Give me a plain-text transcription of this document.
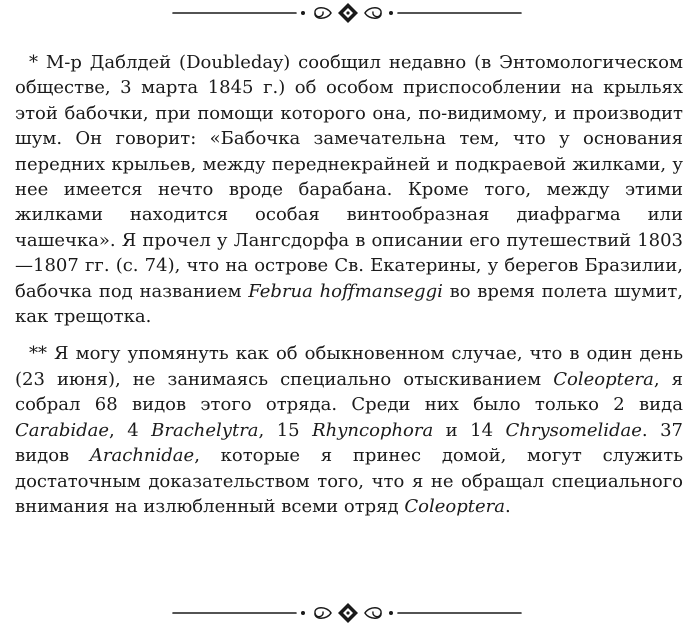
* М-р Даблдей (Doubleday) сообщил недавно (в Энтомологическом обществе, 3 марта 1845 г.) об особом приспособлении на крыльях этой бабочки, при помощи которого она, по-видимому, и производит шум. Он говорит: «Бабочка замечательна тем, что у основания передних крыльев, между переднекрайней и подкраевой жилками, у нее имеется нечто вроде барабана. Кроме того, между этими жилками находится особая винтообразная диафрагма или чашечка». Я прочел у Лангсдорфа в описании его путешествий 1803—1807 гг. (с. 74), что на острове Св. Екатерины, у берегов Бразилии, бабочка под названием Februa hoffmanseggi во время полета шумит, как трещотка.

** Я могу упомянуть как об обыкновенном случае, что в один день (23 июня), не занимаясь специально отыскиванием Coleoptera, я собрал 68 видов этого отряда. Среди них было только 2 вида Carabidae, 4 Brachelytra, 15 Rhyncophora и 14 Chrysomelidae. 37 видов Arachnidae, которые я принес домой, могут служить достаточным доказательством того, что я не обращал специального внимания на излюбленный всеми отряд Coleoptera.
